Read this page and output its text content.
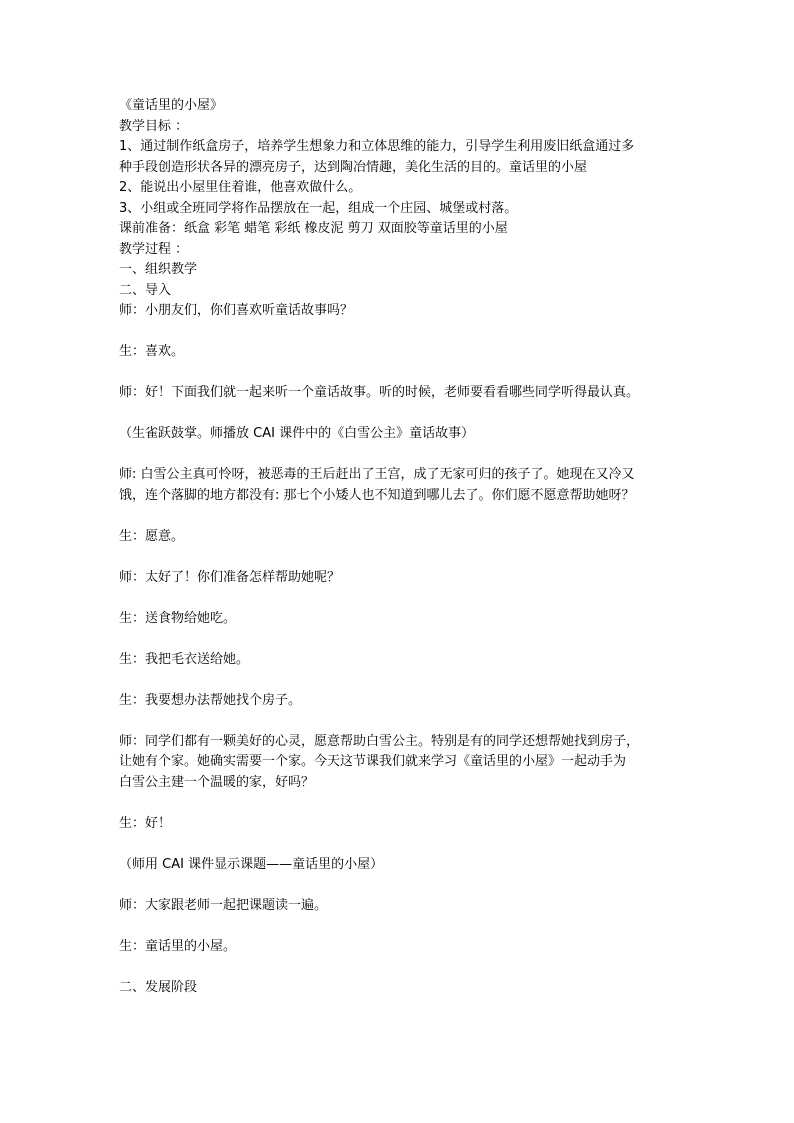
《童话里的小屋》
教学目标 ：
1、通过制作纸盒房子，培养学生想象力和立体思维的能力，引导学生利用废旧纸盒通过多
种手段创造形状各异的漂亮房子，达到陶冶情趣，美化生活的目的。童话里的小屋
2、能说出小屋里住着谁，他喜欢做什么。
3、小组或全班同学将作品摆放在一起，组成一个庄园、城堡或村落。
课前准备：纸盒 彩笔 蜡笔 彩纸 橡皮泥 剪刀 双面胶等童话里的小屋
教学过程 ：
一、组织教学
二、导入
师：小朋友们，你们喜欢听童话故事吗？
生：喜欢。
师：好！下面我们就一起来听一个童话故事。听的时候，老师要看看哪些同学听得最认真。
（生雀跃鼓掌。师播放 CAI 课件中的《白雪公主》童话故事）
师: 白雪公主真可怜呀，被恶毒的王后赶出了王宫，成了无家可归的孩子了。她现在又冷又
饿，连个落脚的地方都没有: 那七个小矮人也不知道到哪儿去了。你们愿不愿意帮助她呀？
生：愿意。
师：太好了！你们准备怎样帮助她呢？
生：送食物给她吃。
生：我把毛衣送给她。
生：我要想办法帮她找个房子。
师：同学们都有一颗美好的心灵，愿意帮助白雪公主。特别是有的同学还想帮她找到房子，
让她有个家。她确实需要一个家。今天这节课我们就来学习《童话里的小屋》一起动手为
白雪公主建一个温暖的家，好吗？
生：好！
（师用 CAI 课件显示课题——童话里的小屋）
师：大家跟老师一起把课题读一遍。
生：童话里的小屋。
二、发展阶段
